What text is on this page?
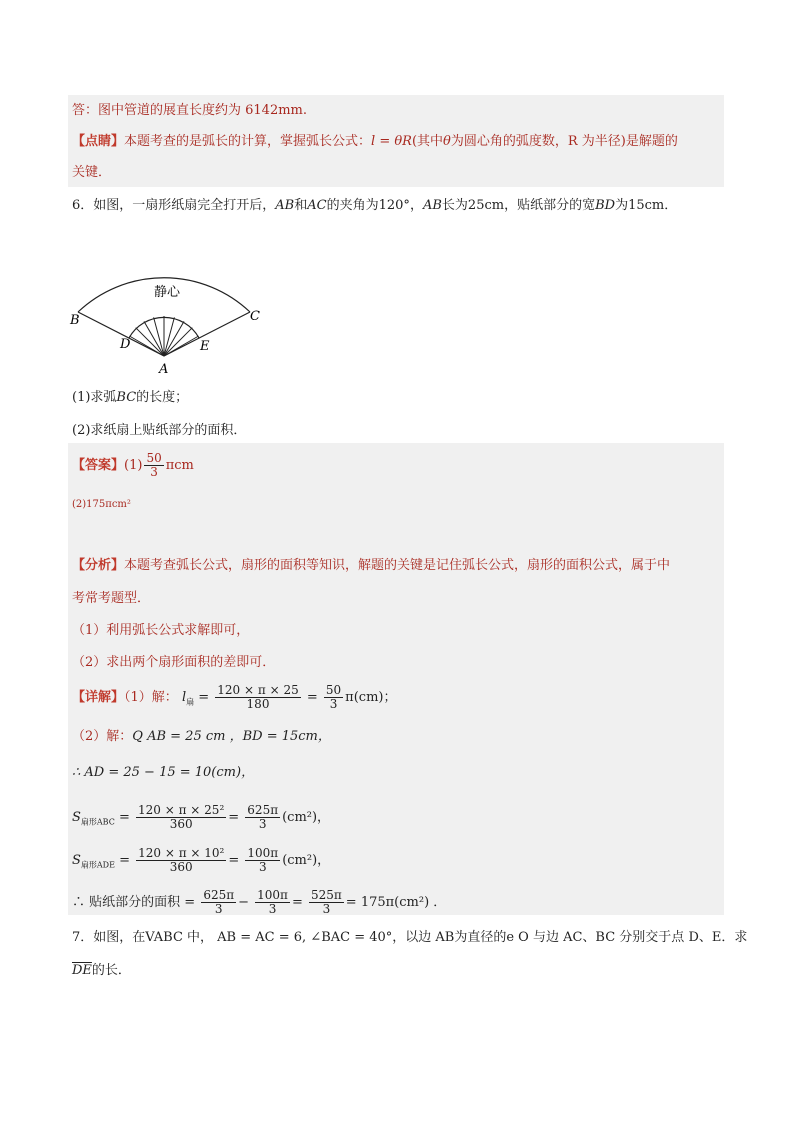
答：图中管道的展直长度约为 6142mm.
【点睛】本题考查的是弧长的计算，掌握弧长公式：l = θR(其中θ为圆心角的弧度数，R 为半径)是解题的
关键．
6．如图，一扇形纸扇完全打开后，AB和AC的夹角为120°，AB长为25cm，贴纸部分的宽BD为15cm．
静心
B	C
D	E
A
(1)求弧BC的长度；
(2)求纸扇上贴纸部分的面积．
【答案】$(1) \frac{50}{3}$ πcm
(2)175πcm²
【分析】本题考查弧长公式，扇形的面积等知识，解题的关键是记住弧长公式，扇形的面积公式，属于中
考常考题型．
（1）利用弧长公式求解即可，
（2）求出两个扇形面积的差即可．
【详解】（1）解： $l_扇 = \frac{120 \times \pi \times 25}{180} = \frac{50}{3} \pi(cm)$；
（2）解：Q AB = 25 cm ，BD = 15cm，
∴ AD = 25 − 15 = 10(cm)，
$S_{扇形ABC} = \frac{\text{120 × π × 25²}}{360} = \frac{625\pi}{3} (cm^2)$，
$S_{扇形ADE} = \frac{\text{120 × π × 10²}}{360} = \frac{100\pi}{3} (cm^2)$，
∴ 贴纸部分的面积 = $\frac{625\pi}{3} - \frac{100\pi}{3} = \frac{525\pi}{3} = 175\pi(cm^2)$ ．
7．如图，在VABC 中， AB = AC = 6, ∠BAC = 40°，以边 AB为直径的e O 与边 AC、BC 分别交于点 D、E．求
$\overline{DE}$的长．
